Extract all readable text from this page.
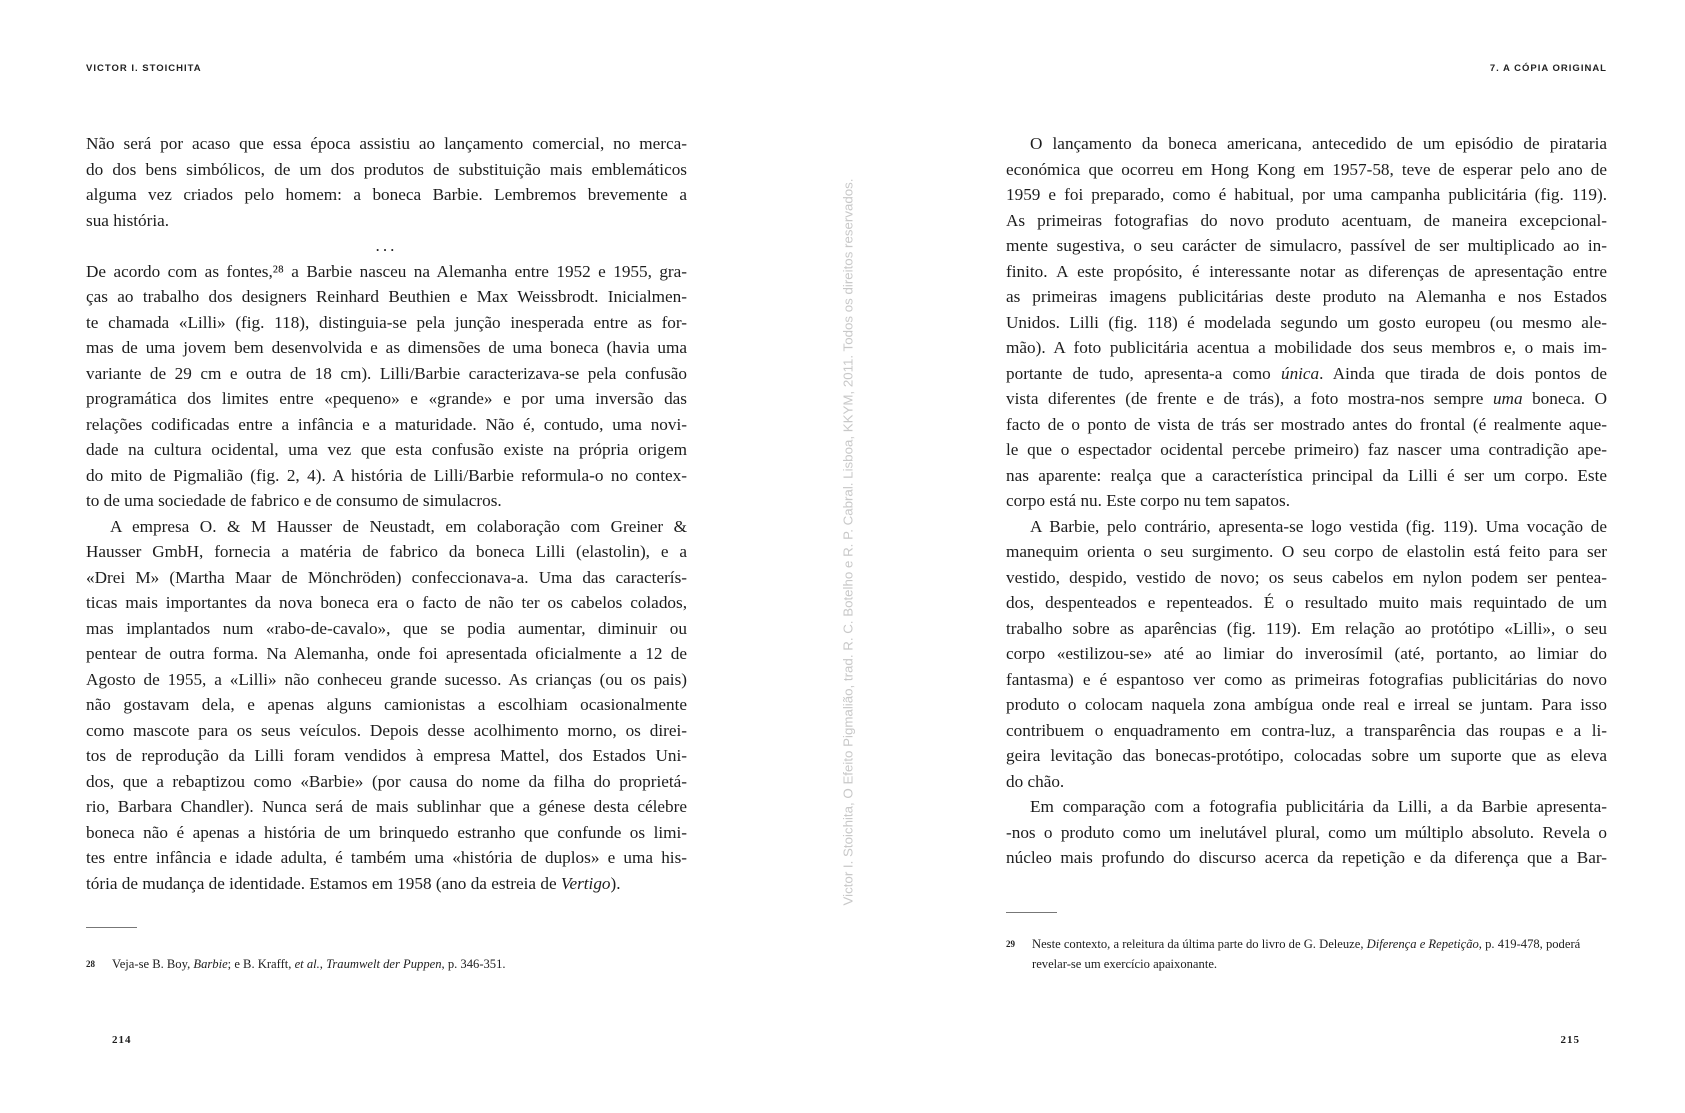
VICTOR I. STOICHITA	7. A CÓPIA ORIGINAL
Não será por acaso que essa época assistiu ao lançamento comercial, no merca-
do dos bens simbólicos, de um dos produtos de substituição mais emblemáticos
alguma vez criados pelo homem: a boneca Barbie. Lembremos brevemente a
sua história.
...
De acordo com as fontes,²⁸ a Barbie nasceu na Alemanha entre 1952 e 1955, gra-
ças ao trabalho dos designers Reinhard Beuthien e Max Weissbrodt. Inicialmen-
te chamada «Lilli» (fig. 118), distinguia-se pela junção inesperada entre as for-
mas de uma jovem bem desenvolvida e as dimensões de uma boneca (havia uma
variante de 29 cm e outra de 18 cm). Lilli/Barbie caracterizava-se pela confusão
programática dos limites entre «pequeno» e «grande» e por uma inversão das
relações codificadas entre a infância e a maturidade. Não é, contudo, uma novi-
dade na cultura ocidental, uma vez que esta confusão existe na própria origem
do mito de Pigmalião (fig. 2, 4). A história de Lilli/Barbie reformula-o no contex-
to de uma sociedade de fabrico e de consumo de simulacros.
A empresa O. & M Hausser de Neustadt, em colaboração com Greiner &
Hausser GmbH, fornecia a matéria de fabrico da boneca Lilli (elastolin), e a
«Drei M» (Martha Maar de Mönchröden) confeccionava-a. Uma das caracterís-
ticas mais importantes da nova boneca era o facto de não ter os cabelos colados,
mas implantados num «rabo-de-cavalo», que se podia aumentar, diminuir ou
pentear de outra forma. Na Alemanha, onde foi apresentada oficialmente a 12 de
Agosto de 1955, a «Lilli» não conheceu grande sucesso. As crianças (ou os pais)
não gostavam dela, e apenas alguns camionistas a escolhiam ocasionalmente
como mascote para os seus veículos. Depois desse acolhimento morno, os direi-
tos de reprodução da Lilli foram vendidos à empresa Mattel, dos Estados Uni-
dos, que a rebaptizou como «Barbie» (por causa do nome da filha do proprietá-
rio, Barbara Chandler). Nunca será de mais sublinhar que a génese desta célebre
boneca não é apenas a história de um brinquedo estranho que confunde os limi-
tes entre infância e idade adulta, é também uma «história de duplos» e uma his-
tória de mudança de identidade. Estamos em 1958 (ano da estreia de Vertigo).
O lançamento da boneca americana, antecedido de um episódio de pirataria
económica que ocorreu em Hong Kong em 1957-58, teve de esperar pelo ano de
1959 e foi preparado, como é habitual, por uma campanha publicitária (fig. 119).
As primeiras fotografias do novo produto acentuam, de maneira excepcional-
mente sugestiva, o seu carácter de simulacro, passível de ser multiplicado ao in-
finito. A este propósito, é interessante notar as diferenças de apresentação entre
as primeiras imagens publicitárias deste produto na Alemanha e nos Estados
Unidos. Lilli (fig. 118) é modelada segundo um gosto europeu (ou mesmo ale-
mão). A foto publicitária acentua a mobilidade dos seus membros e, o mais im-
portante de tudo, apresenta-a como única. Ainda que tirada de dois pontos de
vista diferentes (de frente e de trás), a foto mostra-nos sempre uma boneca. O
facto de o ponto de vista de trás ser mostrado antes do frontal (é realmente aque-
le que o espectador ocidental percebe primeiro) faz nascer uma contradição ape-
nas aparente: realça que a característica principal da Lilli é ser um corpo. Este
corpo está nu. Este corpo nu tem sapatos.
A Barbie, pelo contrário, apresenta-se logo vestida (fig. 119). Uma vocação de
manequim orienta o seu surgimento. O seu corpo de elastolin está feito para ser
vestido, despido, vestido de novo; os seus cabelos em nylon podem ser pentea-
dos, despenteados e repenteados. É o resultado muito mais requintado de um
trabalho sobre as aparências (fig. 119). Em relação ao protótipo «Lilli», o seu
corpo «estilizou-se» até ao limiar do inverosímil (até, portanto, ao limiar do
fantasma) e é espantoso ver como as primeiras fotografias publicitárias do novo
produto o colocam naquela zona ambígua onde real e irreal se juntam. Para isso
contribuem o enquadramento em contra-luz, a transparência das roupas e a li-
geira levitação das bonecas-protótipo, colocadas sobre um suporte que as eleva
do chão.
Em comparação com a fotografia publicitária da Lilli, a da Barbie apresenta-
-nos o produto como um inelutável plural, como um múltiplo absoluto. Revela o
núcleo mais profundo do discurso acerca da repetição e da diferença que a Bar-
Victor I. Stoichita, O Efeito Pigmalião, trad. R. C. Botelho e R. P. Cabral. Lisboa, KKYM, 2011. Todos os direitos reservados.
28	Veja-se B. Boy, Barbie; e B. Krafft, et al., Traumwelt der Puppen, p. 346-351.
29 Neste contexto, a releitura da última parte do livro de G. Deleuze, Diferença e Repetição, p. 419-478, poderá
revelar-se um exercício apaixonante.
214	215
